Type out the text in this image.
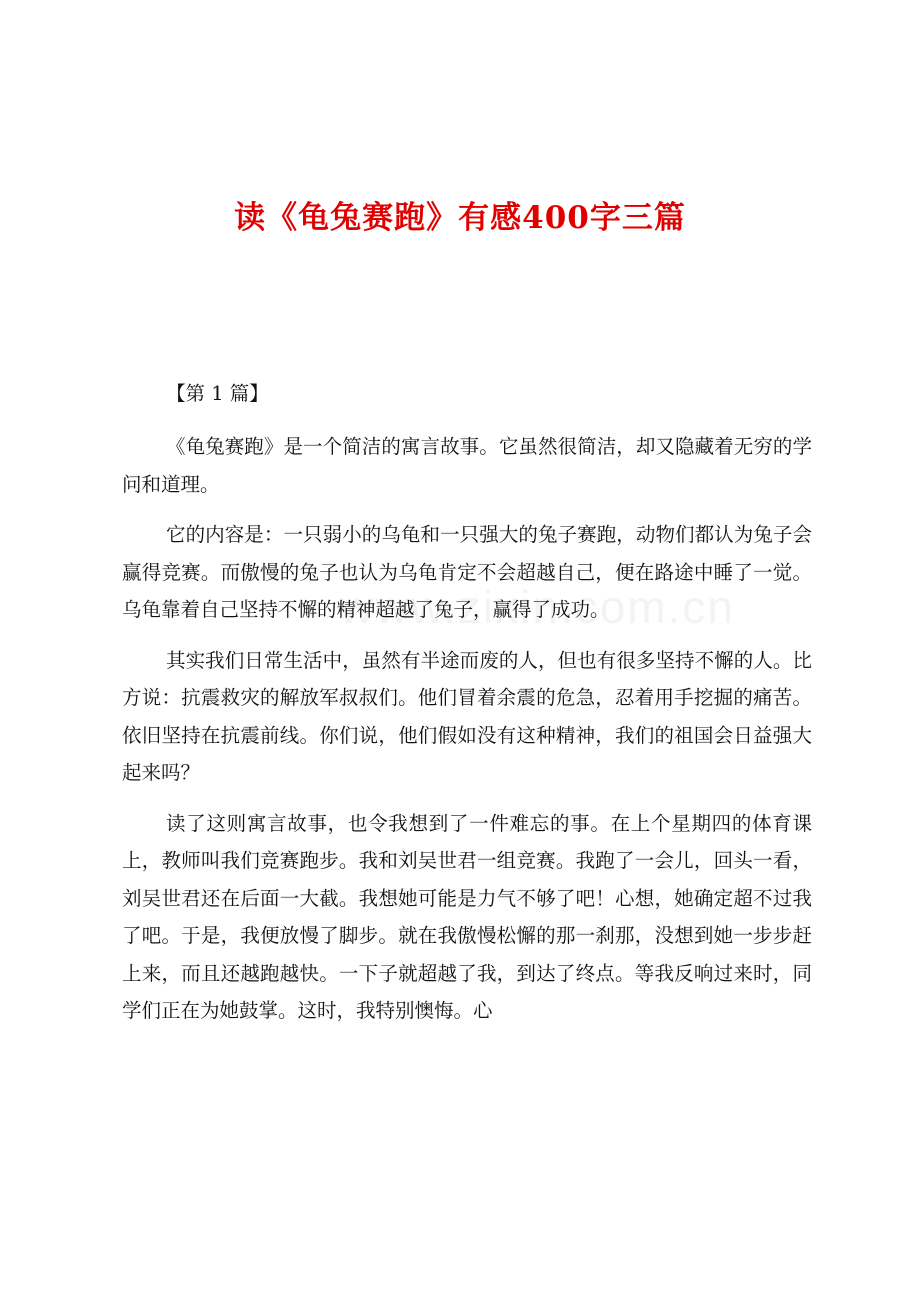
读《龟兔赛跑》有感400字三篇
【第 1 篇】

《龟兔赛跑》是一个简洁的寓言故事。它虽然很简洁，却又隐藏着无穷的学问和道理。

它的内容是：一只弱小的乌龟和一只强大的兔子赛跑，动物们都认为兔子会赢得竞赛。而傲慢的兔子也认为乌龟肯定不会超越自己，便在路途中睡了一觉。乌龟靠着自己坚持不懈的精神超越了兔子，赢得了成功。

其实我们日常生活中，虽然有半途而废的人，但也有很多坚持不懈的人。比方说：抗震救灾的解放军叔叔们。他们冒着余震的危急，忍着用手挖掘的痛苦。依旧坚持在抗震前线。你们说，他们假如没有这种精神，我们的祖国会日益强大起来吗？

读了这则寓言故事，也令我想到了一件难忘的事。在上个星期四的体育课上，教师叫我们竞赛跑步。我和刘吴世君一组竞赛。我跑了一会儿，回头一看，刘吴世君还在后面一大截。我想她可能是力气不够了吧！心想，她确定超不过我了吧。于是，我便放慢了脚步。就在我傲慢松懈的那一刹那，没想到她一步步赶上来，而且还越跑越快。一下子就超越了我，到达了终点。等我反响过来时，同学们正在为她鼓掌。这时，我特别懊悔。心
